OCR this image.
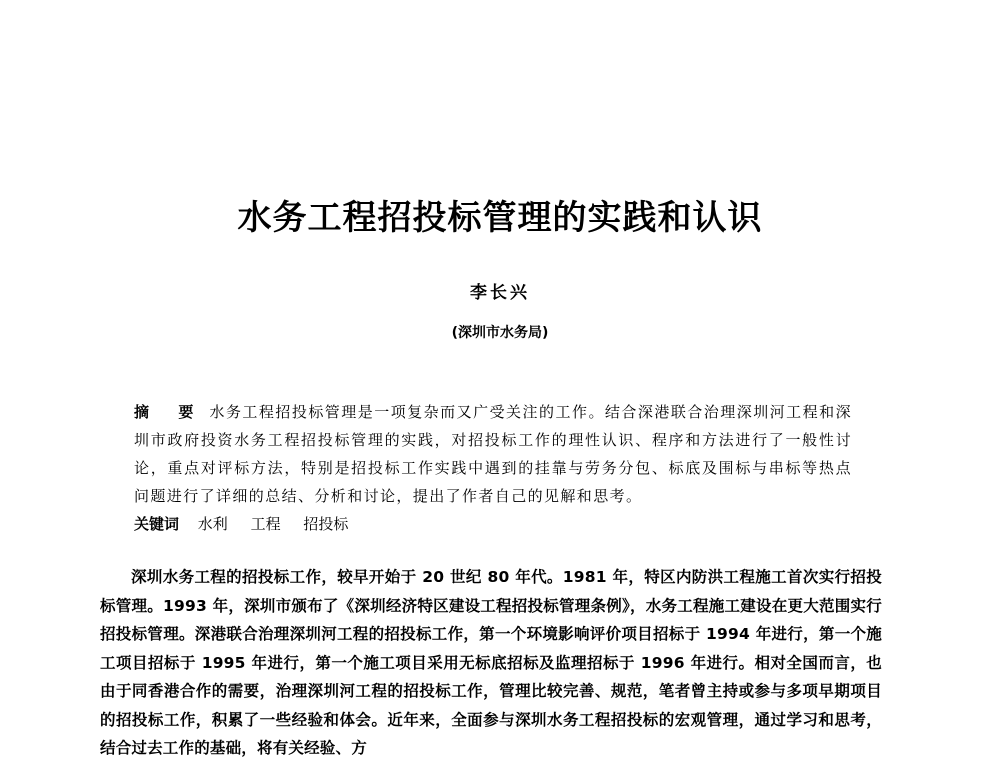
水务工程招投标管理的实践和认识
李长兴
(深圳市水务局)

摘 要 水务工程招投标管理是一项复杂而又广受关注的工作。结合深港联合治理深圳河工程和深圳市政府投资水务工程招投标管理的实践，对招投标工作的理性认识、程序和方法进行了一般性讨论，重点对评标方法，特别是招投标工作实践中遇到的挂靠与劳务分包、标底及围标与串标等热点问题进行了详细的总结、分析和讨论，提出了作者自己的见解和思考。

关键词 水利 工程 招投标

深圳水务工程的招投标工作，较早开始于 20 世纪 80 年代。1981 年，特区内防洪工程施工首次实行招投标管理。1993 年，深圳市颁布了《深圳经济特区建设工程招投标管理条例》，水务工程施工建设在更大范围实行招投标管理。深港联合治理深圳河工程的招投标工作，第一个环境影响评价项目招标于 1994 年进行，第一个施工项目招标于 1995 年进行，第一个施工项目采用无标底招标及监理招标于 1996 年进行。相对全国而言，也由于同香港合作的需要，治理深圳河工程的招投标工作，管理比较完善、规范，笔者曾主持或参与多项早期项目的招投标工作，积累了一些经验和体会。近年来，全面参与深圳水务工程招投标的宏观管理，通过学习和思考，结合过去工作的基础，将有关经验、方
